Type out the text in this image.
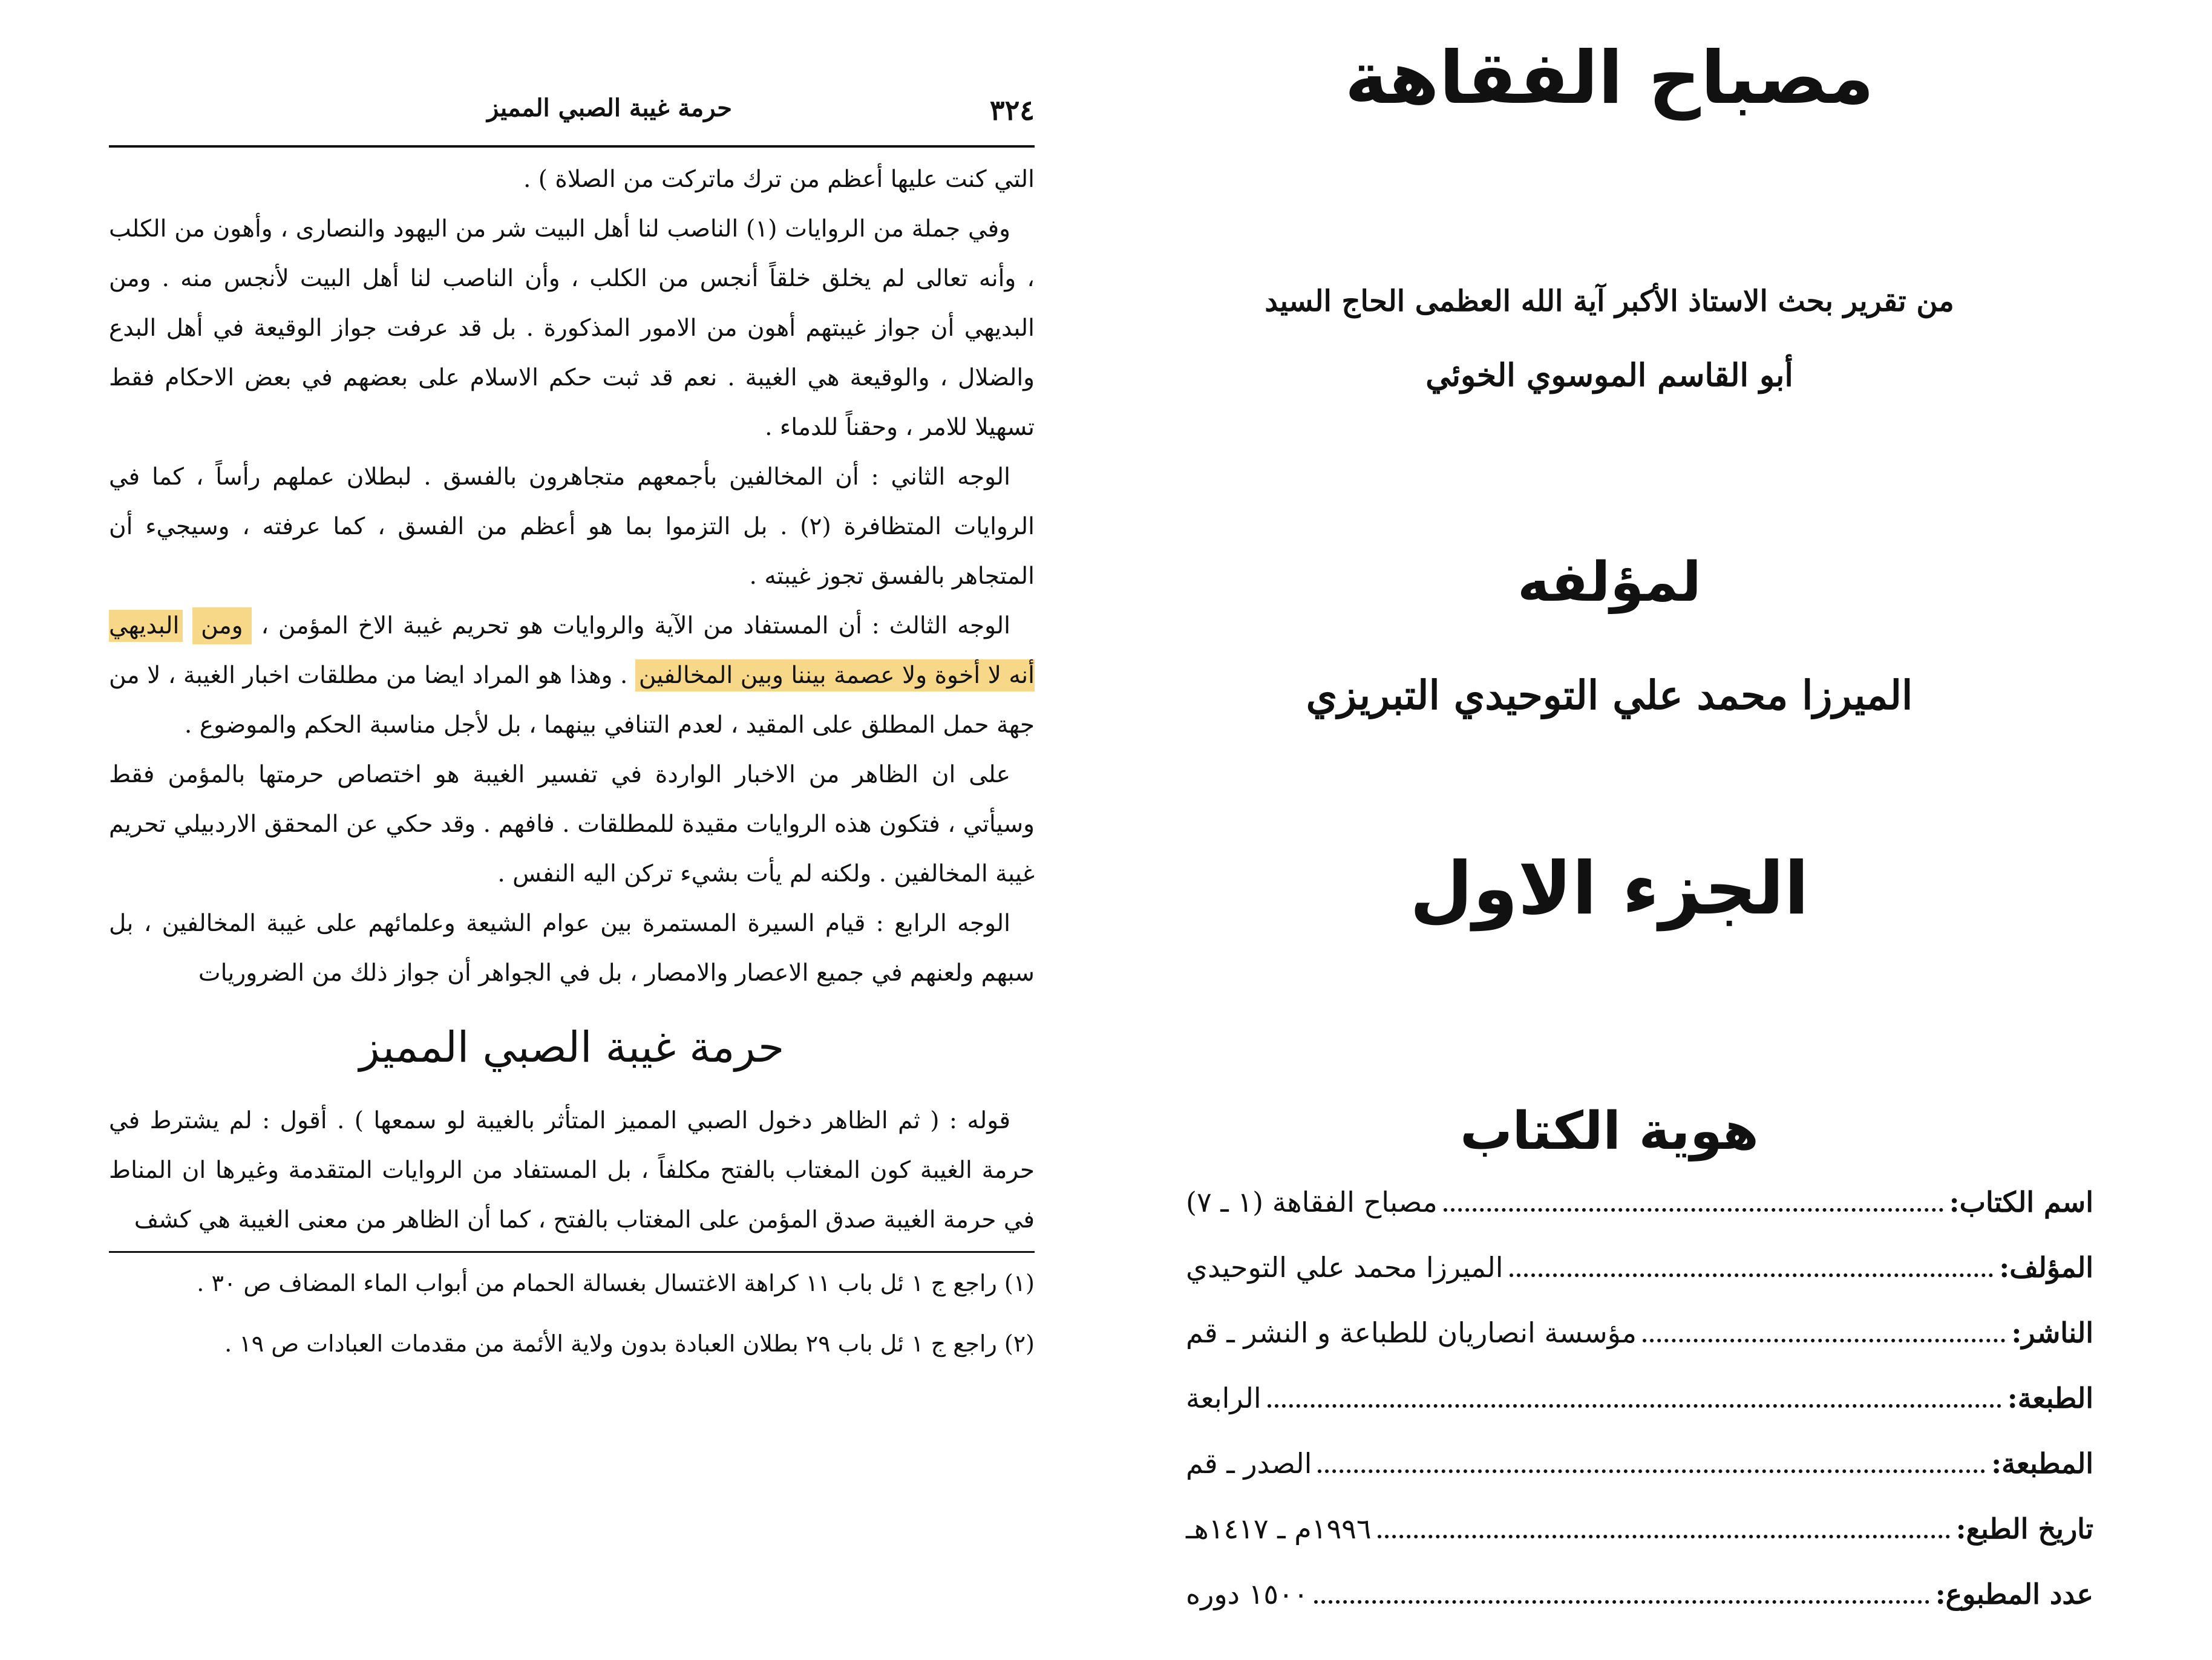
٣٢٤
حرمة غيبة الصبي المميز

التي كنت عليها أعظم من ترك ماتركت من الصلاة ) .

وفي جملة من الروايات (١) الناصب لنا أهل البيت شر من اليهود والنصارى ، وأهون من الكلب ، وأنه تعالى لم يخلق خلقاً أنجس من الكلب ، وأن الناصب لنا أهل البيت لأنجس منه . ومن البديهي أن جواز غيبتهم أهون من الامور المذكورة . بل قد عرفت جواز الوقيعة في أهل البدع والضلال ، والوقيعة هي الغيبة . نعم قد ثبت حكم الاسلام على بعضهم في بعض الاحكام فقط تسهيلا للامر ، وحقناً للدماء .

الوجه الثاني : أن المخالفين بأجمعهم متجاهرون بالفسق . لبطلان عملهم رأساً ، كما في الروايات المتظافرة (٢) . بل التزموا بما هو أعظم من الفسق ، كما عرفته ، وسيجيء أن المتجاهر بالفسق تجوز غيبته .

الوجه الثالث : أن المستفاد من الآية والروايات هو تحريم غيبة الاخ المؤمن ، ومن البديهي أنه لا أخوة ولا عصمة بيننا وبين المخالفين . وهذا هو المراد ايضا من مطلقات اخبار الغيبة ، لا من جهة حمل المطلق على المقيد ، لعدم التنافي بينهما ، بل لأجل مناسبة الحكم والموضوع .

على ان الظاهر من الاخبار الواردة في تفسير الغيبة هو اختصاص حرمتها بالمؤمن فقط وسيأتي ، فتكون هذه الروايات مقيدة للمطلقات . فافهم . وقد حكي عن المحقق الاردبيلي تحريم غيبة المخالفين . ولكنه لم يأت بشيء تركن اليه النفس .

الوجه الرابع : قيام السيرة المستمرة بين عوام الشيعة وعلمائهم على غيبة المخالفين ، بل سبهم ولعنهم في جميع الاعصار والامصار ، بل في الجواهر أن جواز ذلك من الضروريات

حرمة غيبة الصبي المميز

قوله : ( ثم الظاهر دخول الصبي المميز المتأثر بالغيبة لو سمعها ) . أقول : لم يشترط في حرمة الغيبة كون المغتاب بالفتح مكلفاً ، بل المستفاد من الروايات المتقدمة وغيرها ان المناط في حرمة الغيبة صدق المؤمن على المغتاب بالفتح ، كما أن الظاهر من معنى الغيبة هي كشف

(١) راجع ج ١ ئل باب ١١ كراهة الاغتسال بغسالة الحمام من أبواب الماء المضاف ص ٣٠ .

(٢) راجع ج ١ ئل باب ٢٩ بطلان العبادة بدون ولاية الأئمة من مقدمات العبادات ص ١٩ .

مصباح الفقاهة
من تقرير بحث الاستاذ الأكبر آية الله العظمى الحاج السيد
أبو القاسم الموسوي الخوئي
لمؤلفه
الميرزا محمد علي التوحيدي التبريزي
الجزء الاول
هوية الكتاب
اسم الكتاب:
مصباح الفقاهة (١ ـ ٧)
المؤلف:
الميرزا محمد علي التوحيدي
الناشر:
مؤسسة انصاريان للطباعة و النشر ـ قم
الطبعة:
الرابعة
المطبعة:
الصدر ـ قم
تاريخ الطبع:
١٩٩٦م ـ ١٤١٧هـ
عدد المطبوع:
١٥٠٠ دوره
